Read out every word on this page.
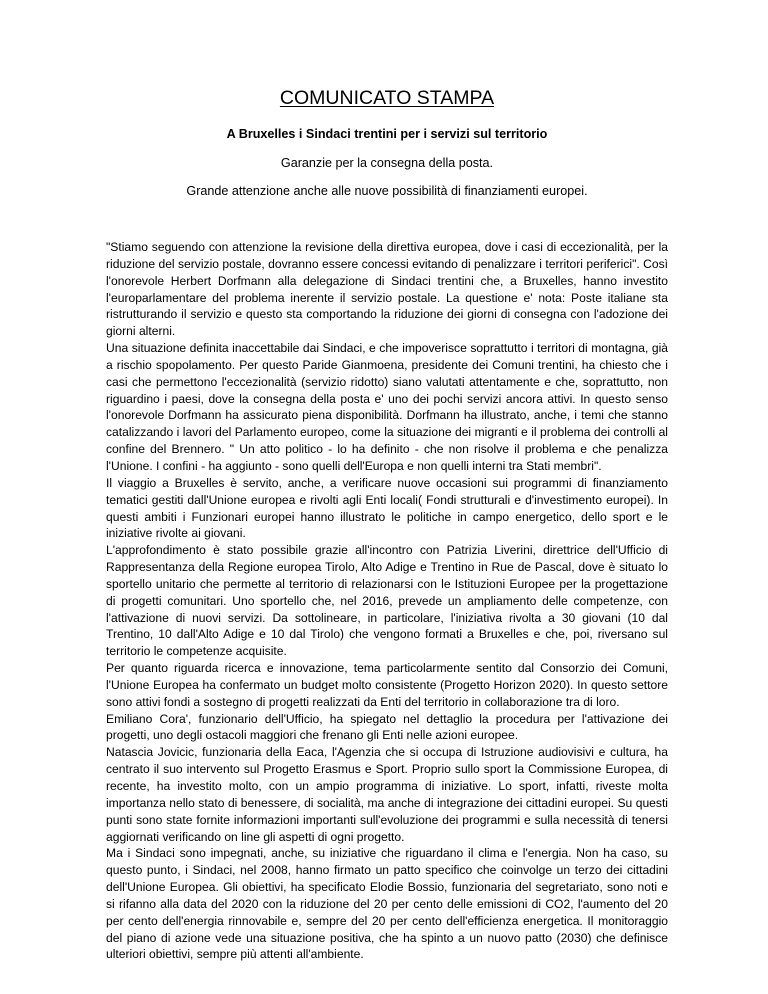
COMUNICATO STAMPA
A Bruxelles i Sindaci trentini per i servizi sul territorio
Garanzie per la consegna della posta.
Grande attenzione anche alle nuove possibilità di finanziamenti europei.

"Stiamo seguendo con attenzione la revisione della direttiva europea, dove i casi di eccezionalità, per la riduzione del servizio postale, dovranno essere concessi evitando di penalizzare i territori periferici". Così l'onorevole Herbert Dorfmann alla delegazione di Sindaci trentini che, a Bruxelles, hanno investito l'europarlamentare del problema inerente il servizio postale. La questione e' nota: Poste italiane sta ristrutturando il servizio e questo sta comportando la riduzione dei giorni di consegna con l'adozione dei giorni alterni.

Una situazione definita inaccettabile dai Sindaci, e che impoverisce soprattutto i territori di montagna, già a rischio spopolamento. Per questo Paride Gianmoena, presidente dei Comuni trentini, ha chiesto che i casi che permettono l'eccezionalità (servizio ridotto) siano valutati attentamente e che, soprattutto, non riguardino i paesi, dove la consegna della posta e' uno dei pochi servizi ancora attivi. In questo senso l'onorevole Dorfmann ha assicurato piena disponibilità. Dorfmann ha illustrato, anche, i temi che stanno catalizzando i lavori del Parlamento europeo, come la situazione dei migranti e il problema dei controlli al confine del Brennero. " Un atto politico - lo ha definito - che non risolve il problema e che penalizza l'Unione. I confini - ha aggiunto - sono quelli dell'Europa e non quelli interni tra Stati membri".

Il viaggio a Bruxelles è servito, anche, a verificare nuove occasioni sui programmi di finanziamento tematici gestiti dall'Unione europea e rivolti agli Enti locali( Fondi strutturali e d'investimento europei). In questi ambiti i Funzionari europei hanno illustrato le politiche in campo energetico, dello sport e le iniziative rivolte ai giovani.

L'approfondimento è stato possibile grazie all'incontro con Patrizia Liverini, direttrice dell'Ufficio di Rappresentanza della Regione europea Tirolo, Alto Adige e Trentino in Rue de Pascal, dove è situato lo sportello unitario che permette al territorio di relazionarsi con le Istituzioni Europee per la progettazione di progetti comunitari. Uno sportello che, nel 2016, prevede un ampliamento delle competenze, con l'attivazione di nuovi servizi. Da sottolineare, in particolare, l'iniziativa rivolta a 30 giovani (10 dal Trentino, 10 dall'Alto Adige e 10 dal Tirolo) che vengono formati a Bruxelles e che, poi, riversano sul territorio le competenze acquisite.

Per quanto riguarda ricerca e innovazione, tema particolarmente sentito dal Consorzio dei Comuni, l'Unione Europea ha confermato un budget molto consistente (Progetto Horizon 2020). In questo settore sono attivi fondi a sostegno di progetti realizzati da Enti del territorio in collaborazione tra di loro.

Emiliano Cora', funzionario dell'Ufficio, ha spiegato nel dettaglio la procedura per l'attivazione dei progetti, uno degli ostacoli maggiori che frenano gli Enti nelle azioni europee.

Natascia Jovicic, funzionaria della Eaca, l'Agenzia che si occupa di Istruzione audiovisivi e cultura, ha centrato il suo intervento sul Progetto Erasmus e Sport. Proprio sullo sport la Commissione Europea, di recente, ha investito molto, con un ampio programma di iniziative. Lo sport, infatti, riveste molta importanza nello stato di benessere, di socialità, ma anche di integrazione dei cittadini europei. Su questi punti sono state fornite informazioni importanti sull'evoluzione dei programmi e sulla necessità di tenersi aggiornati verificando on line gli aspetti di ogni progetto.

Ma i Sindaci sono impegnati, anche, su iniziative che riguardano il clima e l'energia. Non ha caso, su questo punto, i Sindaci, nel 2008, hanno firmato un patto specifico che coinvolge un terzo dei cittadini dell'Unione Europea. Gli obiettivi, ha specificato Elodie Bossio, funzionaria del segretariato, sono noti e si rifanno alla data del 2020 con la riduzione del 20 per cento delle emissioni di CO2, l'aumento del 20 per cento dell'energia rinnovabile e, sempre del 20 per cento dell'efficienza energetica. Il monitoraggio del piano di azione vede una situazione positiva, che ha spinto a un nuovo patto (2030) che definisce ulteriori obiettivi, sempre più attenti all'ambiente.
